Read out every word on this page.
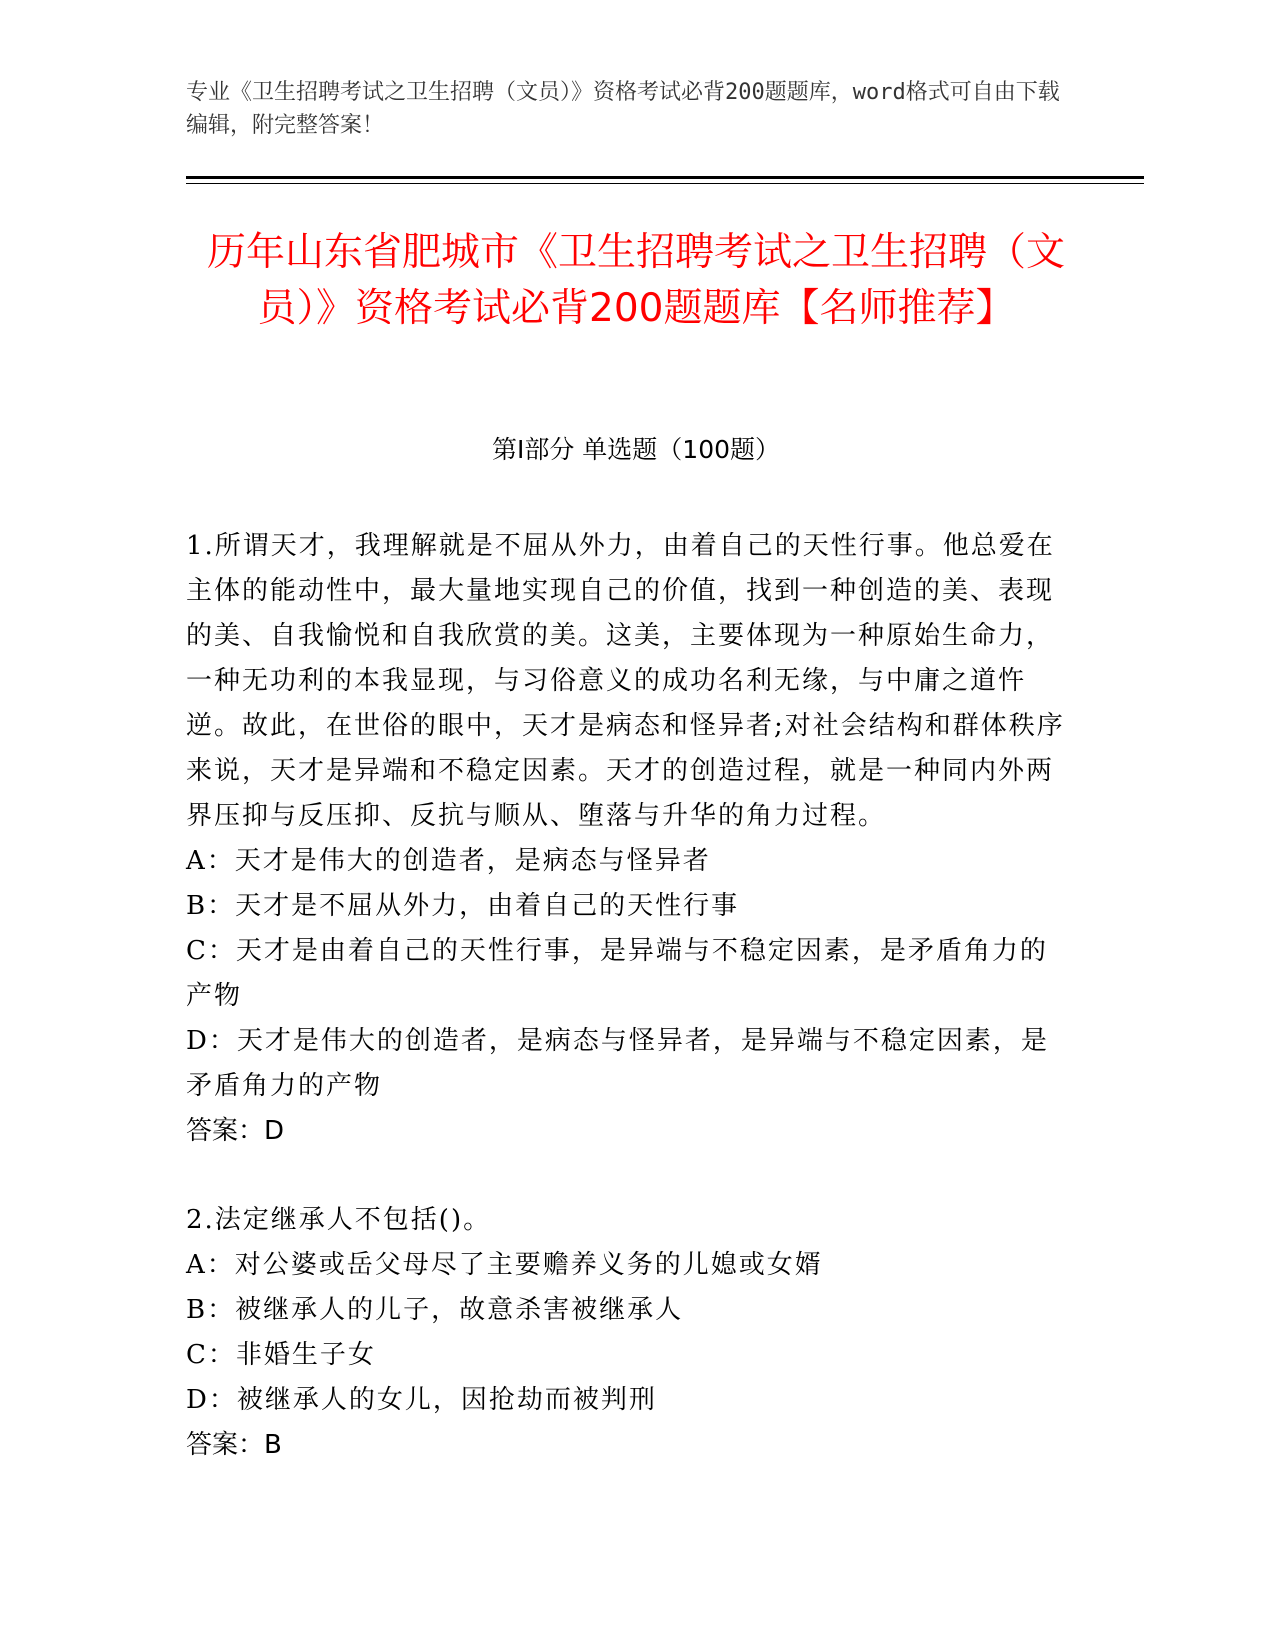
专业《卫生招聘考试之卫生招聘（文员）》资格考试必背200题题库，word格式可自由下载编辑，附完整答案！

历年山东省肥城市《卫生招聘考试之卫生招聘（文员）》资格考试必背200题题库【名师推荐】
第I部分 单选题（100题）

1.所谓天才，我理解就是不屈从外力，由着自己的天性行事。他总爱在主体的能动性中，最大量地实现自己的价值，找到一种创造的美、表现的美、自我愉悦和自我欣赏的美。这美，主要体现为一种原始生命力，一种无功利的本我显现，与习俗意义的成功名利无缘，与中庸之道忤逆。故此，在世俗的眼中，天才是病态和怪异者;对社会结构和群体秩序来说，天才是异端和不稳定因素。天才的创造过程，就是一种同内外两界压抑与反压抑、反抗与顺从、堕落与升华的角力过程。

A：天才是伟大的创造者，是病态与怪异者

B：天才是不屈从外力，由着自己的天性行事

C：天才是由着自己的天性行事，是异端与不稳定因素，是矛盾角力的产物

D：天才是伟大的创造者，是病态与怪异者，是异端与不稳定因素，是矛盾角力的产物

答案：D

2.法定继承人不包括()。

A：对公婆或岳父母尽了主要赡养义务的儿媳或女婿

B：被继承人的儿子，故意杀害被继承人

C：非婚生子女

D：被继承人的女儿，因抢劫而被判刑

答案：B
